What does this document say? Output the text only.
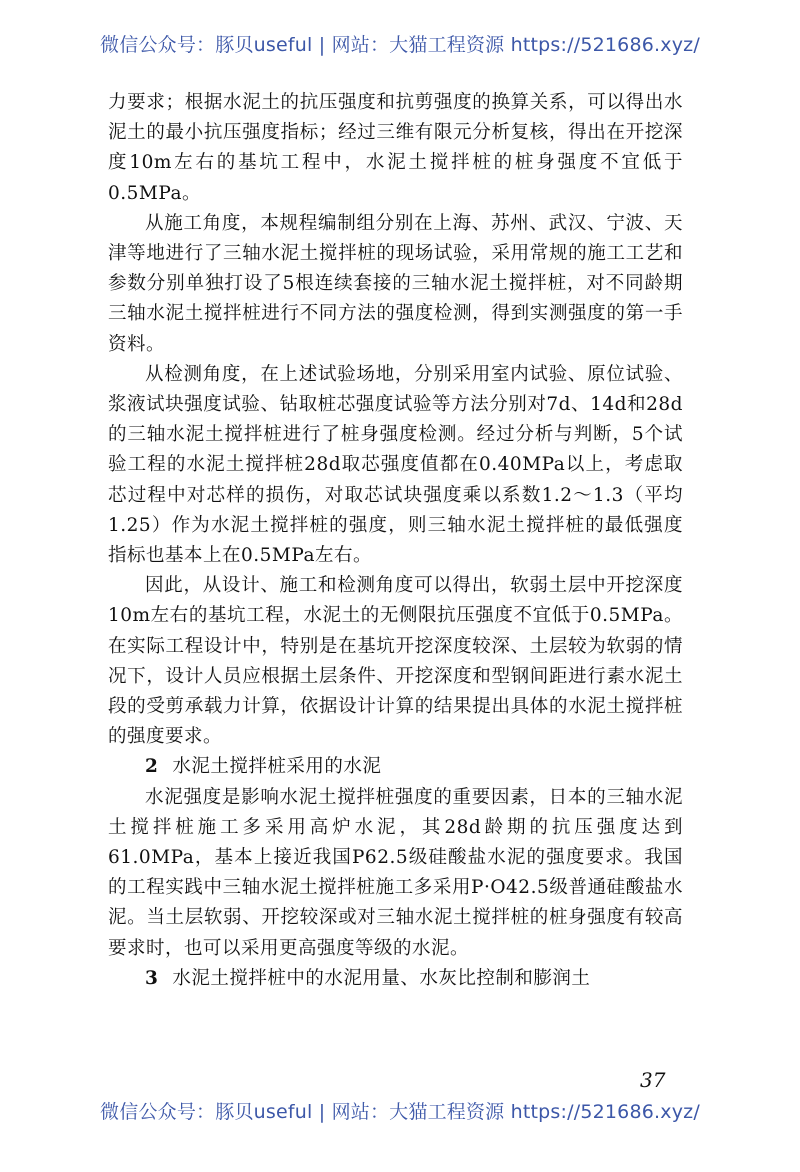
微信公众号：豚贝useful | 网站：大猫工程资源 https://521686.xyz/

力要求；根据水泥土的抗压强度和抗剪强度的换算关系，可以得出水泥土的最小抗压强度指标；经过三维有限元分析复核，得出在开挖深度10m左右的基坑工程中，水泥土搅拌桩的桩身强度不宜低于0.5MPa。

从施工角度，本规程编制组分别在上海、苏州、武汉、宁波、天津等地进行了三轴水泥土搅拌桩的现场试验，采用常规的施工工艺和参数分别单独打设了5根连续套接的三轴水泥土搅拌桩，对不同龄期三轴水泥土搅拌桩进行不同方法的强度检测，得到实测强度的第一手资料。

从检测角度，在上述试验场地，分别采用室内试验、原位试验、浆液试块强度试验、钻取桩芯强度试验等方法分别对7d、14d和28d的三轴水泥土搅拌桩进行了桩身强度检测。经过分析与判断，5个试验工程的水泥土搅拌桩28d取芯强度值都在0.40MPa以上，考虑取芯过程中对芯样的损伤，对取芯试块强度乘以系数1.2～1.3（平均1.25）作为水泥土搅拌桩的强度，则三轴水泥土搅拌桩的最低强度指标也基本上在0.5MPa左右。

因此，从设计、施工和检测角度可以得出，软弱土层中开挖深度10m左右的基坑工程，水泥土的无侧限抗压强度不宜低于0.5MPa。在实际工程设计中，特别是在基坑开挖深度较深、土层较为软弱的情况下，设计人员应根据土层条件、开挖深度和型钢间距进行素水泥土段的受剪承载力计算，依据设计计算的结果提出具体的水泥土搅拌桩的强度要求。

2 水泥土搅拌桩采用的水泥

水泥强度是影响水泥土搅拌桩强度的重要因素，日本的三轴水泥土搅拌桩施工多采用高炉水泥，其28d龄期的抗压强度达到61.0MPa，基本上接近我国P62.5级硅酸盐水泥的强度要求。我国的工程实践中三轴水泥土搅拌桩施工多采用P·O42.5级普通硅酸盐水泥。当土层软弱、开挖较深或对三轴水泥土搅拌桩的桩身强度有较高要求时，也可以采用更高强度等级的水泥。

3 水泥土搅拌桩中的水泥用量、水灰比控制和膨润土

37
微信公众号：豚贝useful | 网站：大猫工程资源 https://521686.xyz/
